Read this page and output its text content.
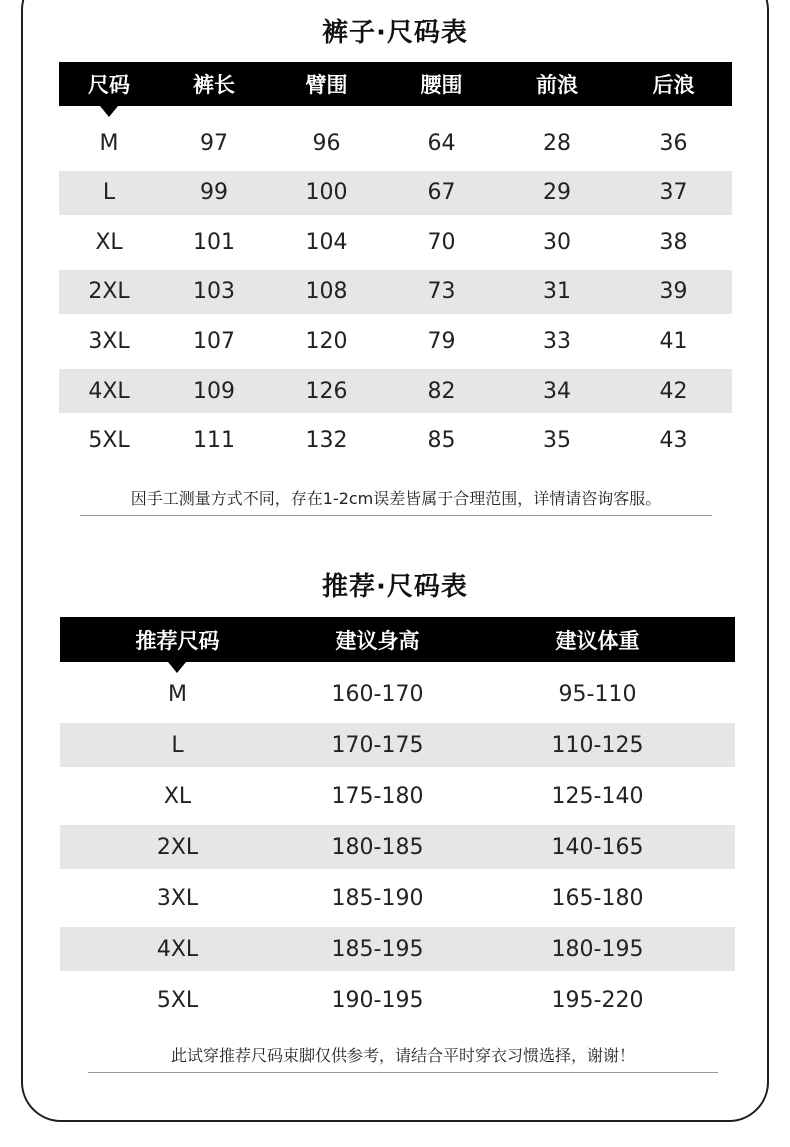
裤子·尺码表
尺码	裤长	臂围	腰围	前浪	后浪
M	97	96	64	28	36
L	99	100	67	29	37
XL	101	104	70	30	38
2XL	103	108	73	31	39
3XL	107	120	79	33	41
4XL	109	126	82	34	42
5XL	111	132	85	35	43
因手工测量方式不同，存在1-2cm误差皆属于合理范围，详情请咨询客服。
推荐·尺码表
推荐尺码	建议身高	建议体重
M	160-170	95-110
L	170-175	110-125
XL	175-180	125-140
2XL	180-185	140-165
3XL	185-190	165-180
4XL	185-195	180-195
5XL	190-195	195-220
此试穿推荐尺码束脚仅供参考，请结合平时穿衣习惯选择，谢谢！
